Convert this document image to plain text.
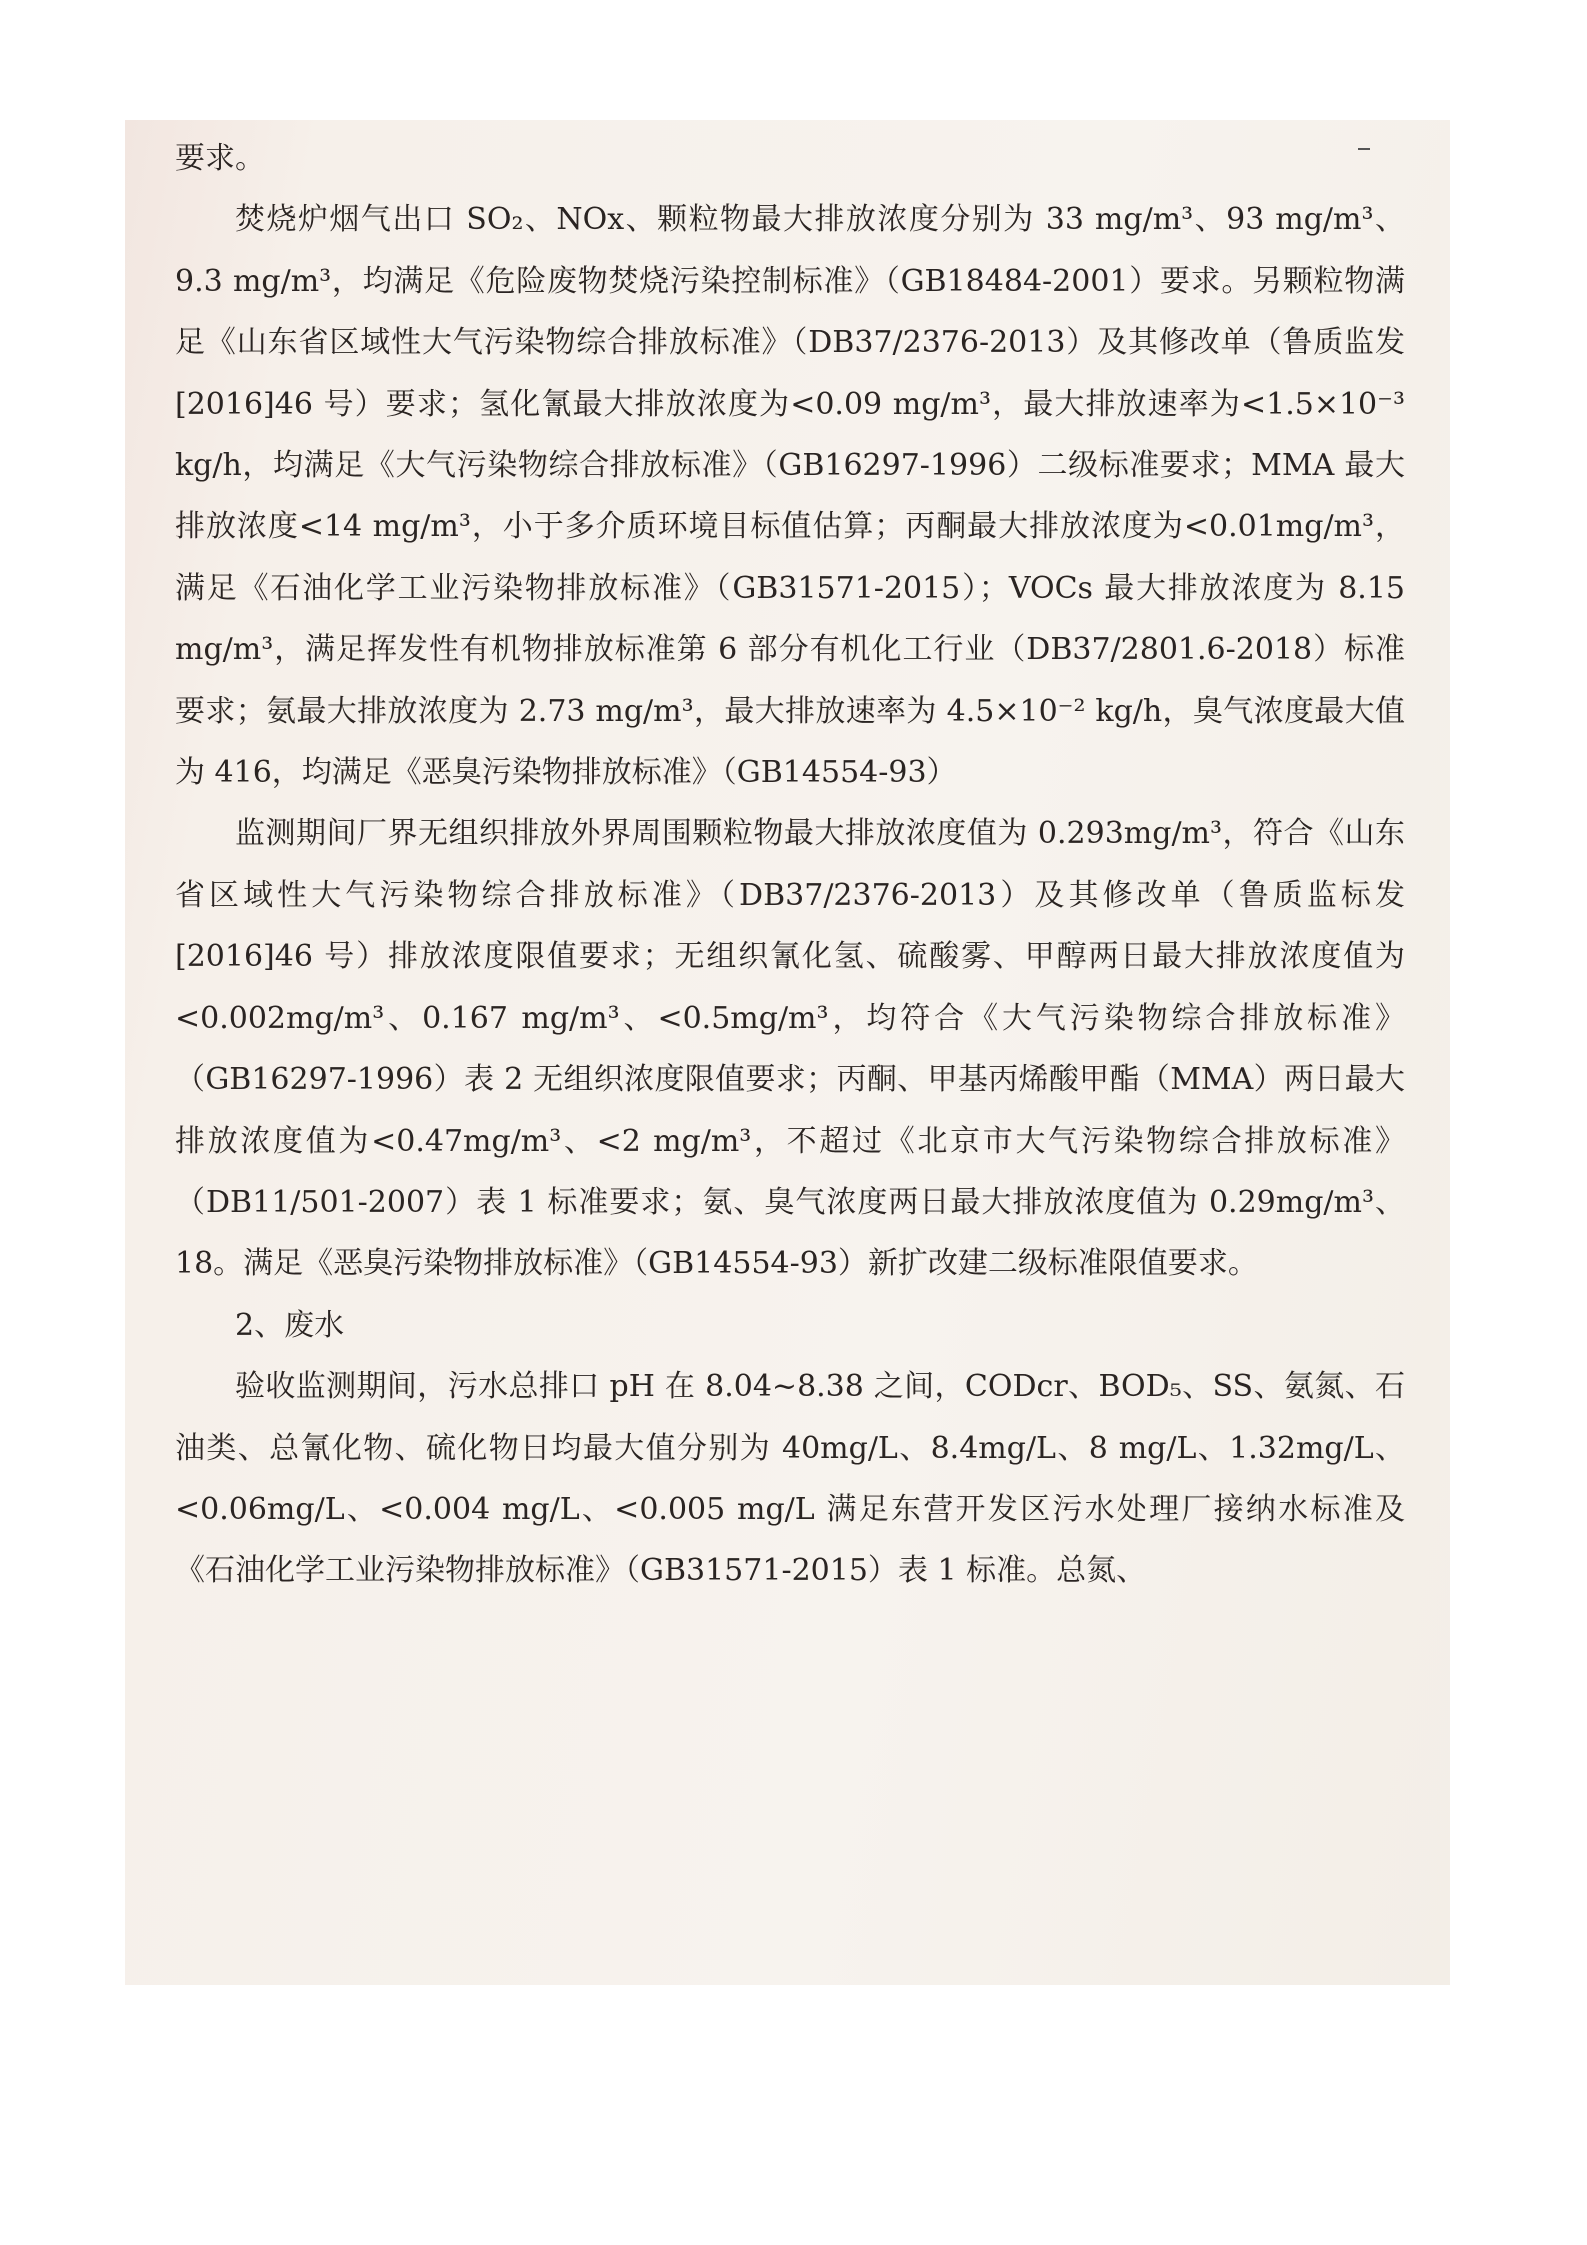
要求。

焚烧炉烟气出口 SO₂、NOx、颗粒物最大排放浓度分别为 33 mg/m³、93 mg/m³、9.3 mg/m³，均满足《危险废物焚烧污染控制标准》（GB18484-2001）要求。另颗粒物满足《山东省区域性大气污染物综合排放标准》（DB37/2376-2013）及其修改单（鲁质监发[2016]46 号）要求；氢化氰最大排放浓度为<0.09 mg/m³，最大排放速率为<1.5×10⁻³ kg/h，均满足《大气污染物综合排放标准》（GB16297-1996）二级标准要求；MMA 最大排放浓度<14 mg/m³，小于多介质环境目标值估算；丙酮最大排放浓度为<0.01mg/m³，满足《石油化学工业污染物排放标准》（GB31571-2015）；VOCs 最大排放浓度为 8.15 mg/m³，满足挥发性有机物排放标准第 6 部分有机化工行业（DB37/2801.6-2018）标准要求；氨最大排放浓度为 2.73 mg/m³，最大排放速率为 4.5×10⁻² kg/h，臭气浓度最大值为 416，均满足《恶臭污染物排放标准》（GB14554-93）

监测期间厂界无组织排放外界周围颗粒物最大排放浓度值为 0.293mg/m³，符合《山东省区域性大气污染物综合排放标准》（DB37/2376-2013）及其修改单（鲁质监标发[2016]46 号）排放浓度限值要求；无组织氰化氢、硫酸雾、甲醇两日最大排放浓度值为<0.002mg/m³、0.167 mg/m³、<0.5mg/m³，均符合《大气污染物综合排放标准》（GB16297-1996）表 2 无组织浓度限值要求；丙酮、甲基丙烯酸甲酯（MMA）两日最大排放浓度值为<0.47mg/m³、<2 mg/m³，不超过《北京市大气污染物综合排放标准》（DB11/501-2007）表 1 标准要求；氨、臭气浓度两日最大排放浓度值为 0.29mg/m³、18。满足《恶臭污染物排放标准》（GB14554-93）新扩改建二级标准限值要求。

2、废水

验收监测期间，污水总排口 pH 在 8.04~8.38 之间，CODcr、BOD₅、SS、氨氮、石油类、总氰化物、硫化物日均最大值分别为 40mg/L、8.4mg/L、8 mg/L、1.32mg/L、<0.06mg/L、<0.004 mg/L、<0.005 mg/L 满足东营开发区污水处理厂接纳水标准及《石油化学工业污染物排放标准》（GB31571-2015）表 1 标准。总氮、
